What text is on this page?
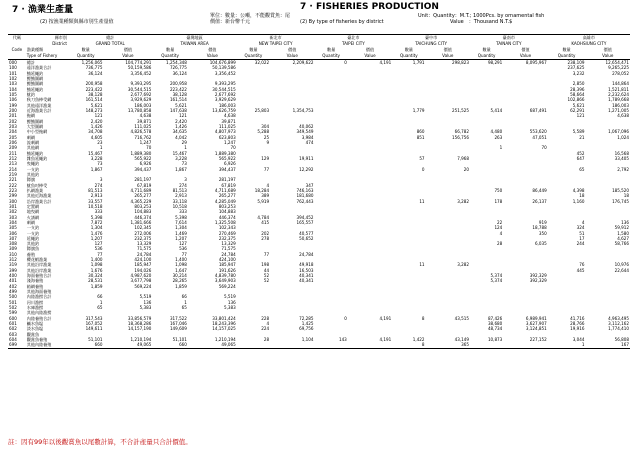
7 · 漁業生產量	7 · FISHERIES PRODUCTION
單位：數量：公噸，不能觀賞魚：尾	Unit：Quantity：M.T.; 1000Pcs. by ornamental fish
價值：新台幣千元	Value　：Thousand N.T.$
(2) 按漁業種類與縣市別生產量值	(2) By type of fisheries by district
代碼	縣市別	總計		臺灣地區		新北市		臺北市		臺中市		臺南市		高雄市	
	District	GRAND TOTAL		TAIWAN AREA		NEW TAIPEI CITY		TAIPEI CITY		TAICHUNG CITY		TAINAN CITY		KAOHSIUNG CITY	
Code	漁業種類	數量	價值	數量	價值	數量	價值	數量	價值	數量	價值	數量	價值	數量	價值
	Type of Fishery	Quantity	Value	Quantity	Value	Quantity	Value	Quantity	Value	Quantity	Value	Quantity	Value	Quantity	Value
000	總計	1,256,065	104,774,291	1,254,348	104,676,899	32,022	2,209,622	0	4,191	1,791	298,823	98,291	8,095,967	238,109	12,654,471
100	遠洋漁業合計	736,775	50,159,586	726,775	50,139,586									237,625	9,265,225
101	鮪延繩釣	36,124	3,356,452	36,124	3,356,452									3,232	278,052
102	鰹鮪圍網														
103	鰹鮪圍網	200,958	9,393,295	200,958	9,393,295									2,850	144,864
104	鮪延繩釣	223,422	30,544,515	223,422	30,544,515									28,396	1,521,811
105	魷釣	38,128	2,677,692	38,128	2,677,692									58,664	2,232,624
106	秋刀魚棒受網	161,514	3,929,629	161,514	3,929,629									102,866	1,789,668
199	其他遠洋漁業	5,621	186,003	5,621	186,003									5,621	186,003
200	近海漁業合計	148,273	13,780,858	147,638	13,626,759	25,803	1,354,753			1,779	251,525	5,414	687,491	62,291	1,271,005
201	拖網	121	4,638	121	4,638									121	4,638
202	鰹鮪圍網	2,420	39,871	2,420	39,871										
203	大型圍網	1,426	111,025	1,426	111,025	304	40,062								
204	中小型拖網	34,708	4,826,578	34,635	4,807,973	5,288	349,549			860	66,782	4,480	553,620	5,589	1,067,096
205	刺網	4,605	716,762	4,042	623,803	25	3,984			851	156,756	263	47,051	21	1,024
206	流刺網	23	1,247	29	1,247	9	474								
209	其他網	1	70	1	70							1	70		
211	鮪延繩釣	15,467	1,889,380	15,467	1,889,380									452	16,568
212	雜魚延繩釣	3,228	565,922	3,228	565,922	129	19,911			57	7,968			647	33,405
213	曳繩釣	73	6,926	73	6,926										
214	一支釣	1,867	394,437	1,867	394,437	77	12,292			0	20			65	2,792
219	其他釣														
221	鏢旗	3	281,197	3	281,197										
222	魷魚吋棒受	274	67,819	274	67,819	4	347								
223	扒網漁業	81,513	4,711,689	81,513	4,711,689	18,284	746,163					750	86,449	4,398	185,520
299	其他近海漁業	2,913	265,277	2,913	265,277	389	181,680							18	18
300	沿岸漁業合計	33,557	4,365,229	33,118	4,285,049	5,919	762,443			11	3,282	178	26,137	1,160	176,745
301	定置網	10,518	803,253	10,518	803,253										
302	地曳網	333	104,883	333	104,883										
303	火誘網	5,398	446,374	5,398	446,374	4,784	394,452								
304	刺網	7,872	1,381,666	7,614	1,325,508	415	165,557					22	919	4	136
305	一支釣	1,304	102,345	1,304	102,343							124	18,788	324	59,912
306	一支釣	1,476	272,006	1,469	270,469	202	40,577					4	350	51	1,580
307	延繩釣	1,207	232,375	1,207	232,375	278	50,652							17	4,627
308	其他釣	127	13,329	127	13,329							28	6,035	244	58,766
309	鏢旗魚	536	71,575	536	71,575										
310	養殖	77	24,784	77	24,784	77	24,784								
312	櫻花蝦漁業	1,400	424,100	1,400	424,100										
319	其他沿岸漁業	1,098	185,947	1,098	185,947	198	49,918			11	3,282			76	10,976
399	其他沿岸漁業	1,676	194,026	1,647	191,626	44	16,503							445	22,644
400	海面養殖合計	30,324	4,987,620	30,214	4,839,780	52	40,341					5,374	392,329		
401	淺海養殖	28,531	3,677,798	28,265	3,649,903	52	40,341					5,374	392,329		
402	箱網養殖	1,859	569,224	1,859	569,224										
499	其他海面養殖														
500	內陸漁撈合計	66	5,519	66	5,519										
501	河川漁撈	1	136	1	136										
502	水庫漁撈	65	5,383	65	5,383										
599	其他內陸漁撈														
600	內陸養殖合計	317,543	33,856,579	317,522	33,801,424	228	72,285	0	4,191	8	43,515	87,426	6,989,941	41,716	4,963,495
601	鹹水魚塭	167,052	18,368,286	167,046	18,243,396	4	1,425					38,680	3,627,907	28,766	3,112,162
602	淡水魚塭	149,611	14,157,190	149,609	14,157,025	224	69,756					48,734	3,124,851	19,916	1,774,410
603	觀賞魚														
604	觀賞魚養殖	51,101	1,210,194	51,101	1,210,194	28	1,104	143	4,191	1,422	43,149	10,873	227,152	3,044	56,808
699	其他內陸養殖	660	49,065	660	49,065					8	365			1	167
註：因有99年以後觀賞魚以尾數計算，不合計產量只合計價值。
